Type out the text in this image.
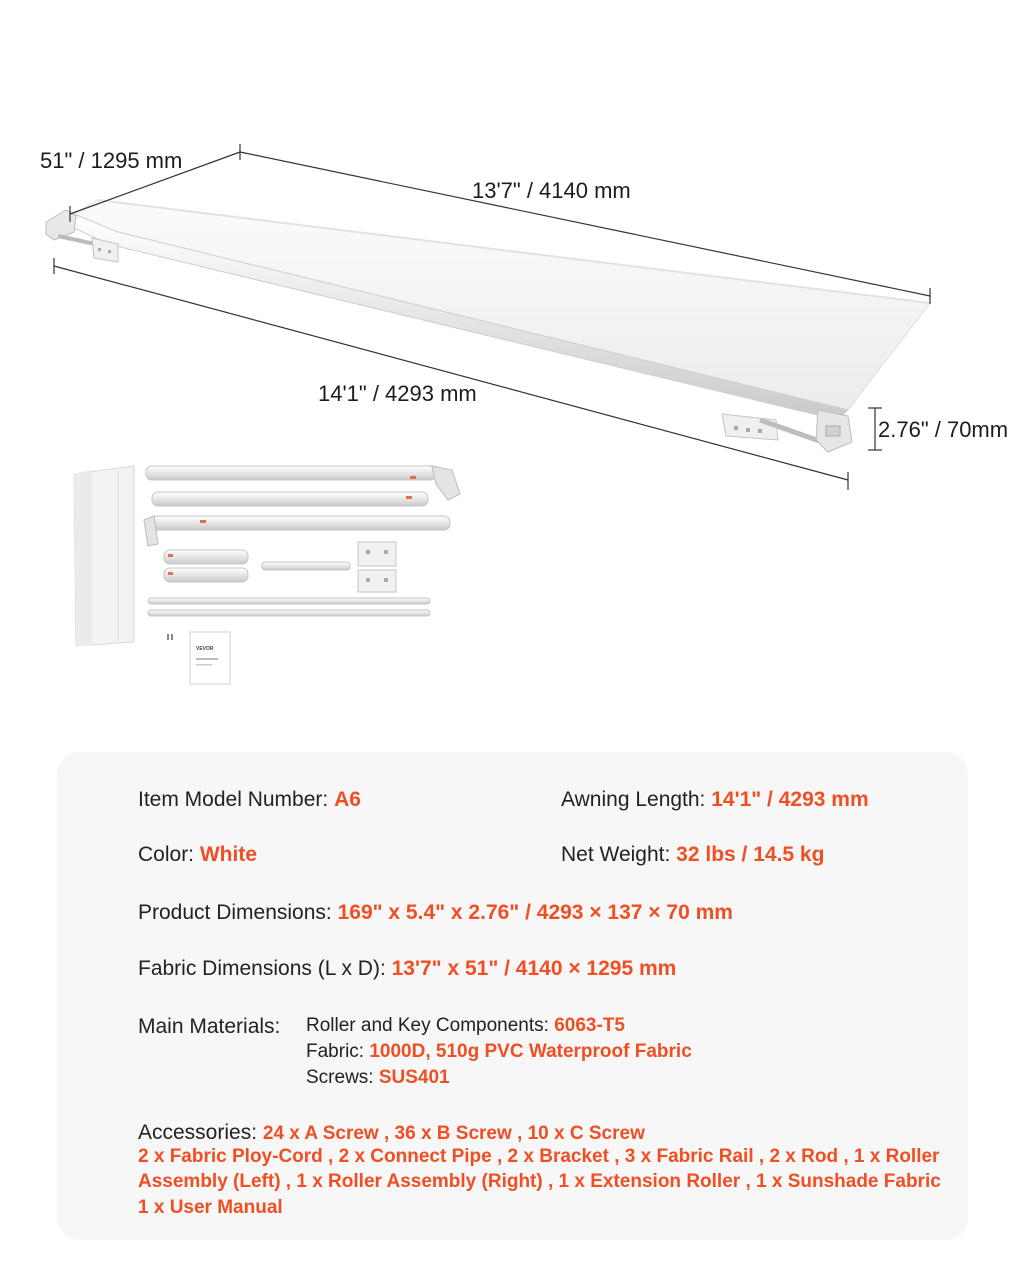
VEVOR
51" / 1295 mm
13'7" / 4140 mm
14'1" / 4293 mm
2.76" / 70mm
Item Model Number: A6	Awning Length: 14'1" / 4293 mm
Color: White	Net Weight: 32 lbs / 14.5 kg
Product Dimensions: 169" x 5.4" x 2.76" / 4293 × 137 × 70 mm
Fabric Dimensions (L x D): 13'7" x 51" / 4140 × 1295 mm
Main Materials: Roller and Key Components: 6063-T5
Fabric: 1000D, 510g PVC Waterproof Fabric
Screws: SUS401
Accessories: 24 x A Screw , 36 x B Screw , 10 x C Screw
2 x Fabric Ploy-Cord , 2 x Connect Pipe , 2 x Bracket , 3 x Fabric Rail , 2 x Rod , 1 x Roller
Assembly (Left) , 1 x Roller Assembly (Right) , 1 x Extension Roller , 1 x Sunshade Fabric
1 x User Manual
